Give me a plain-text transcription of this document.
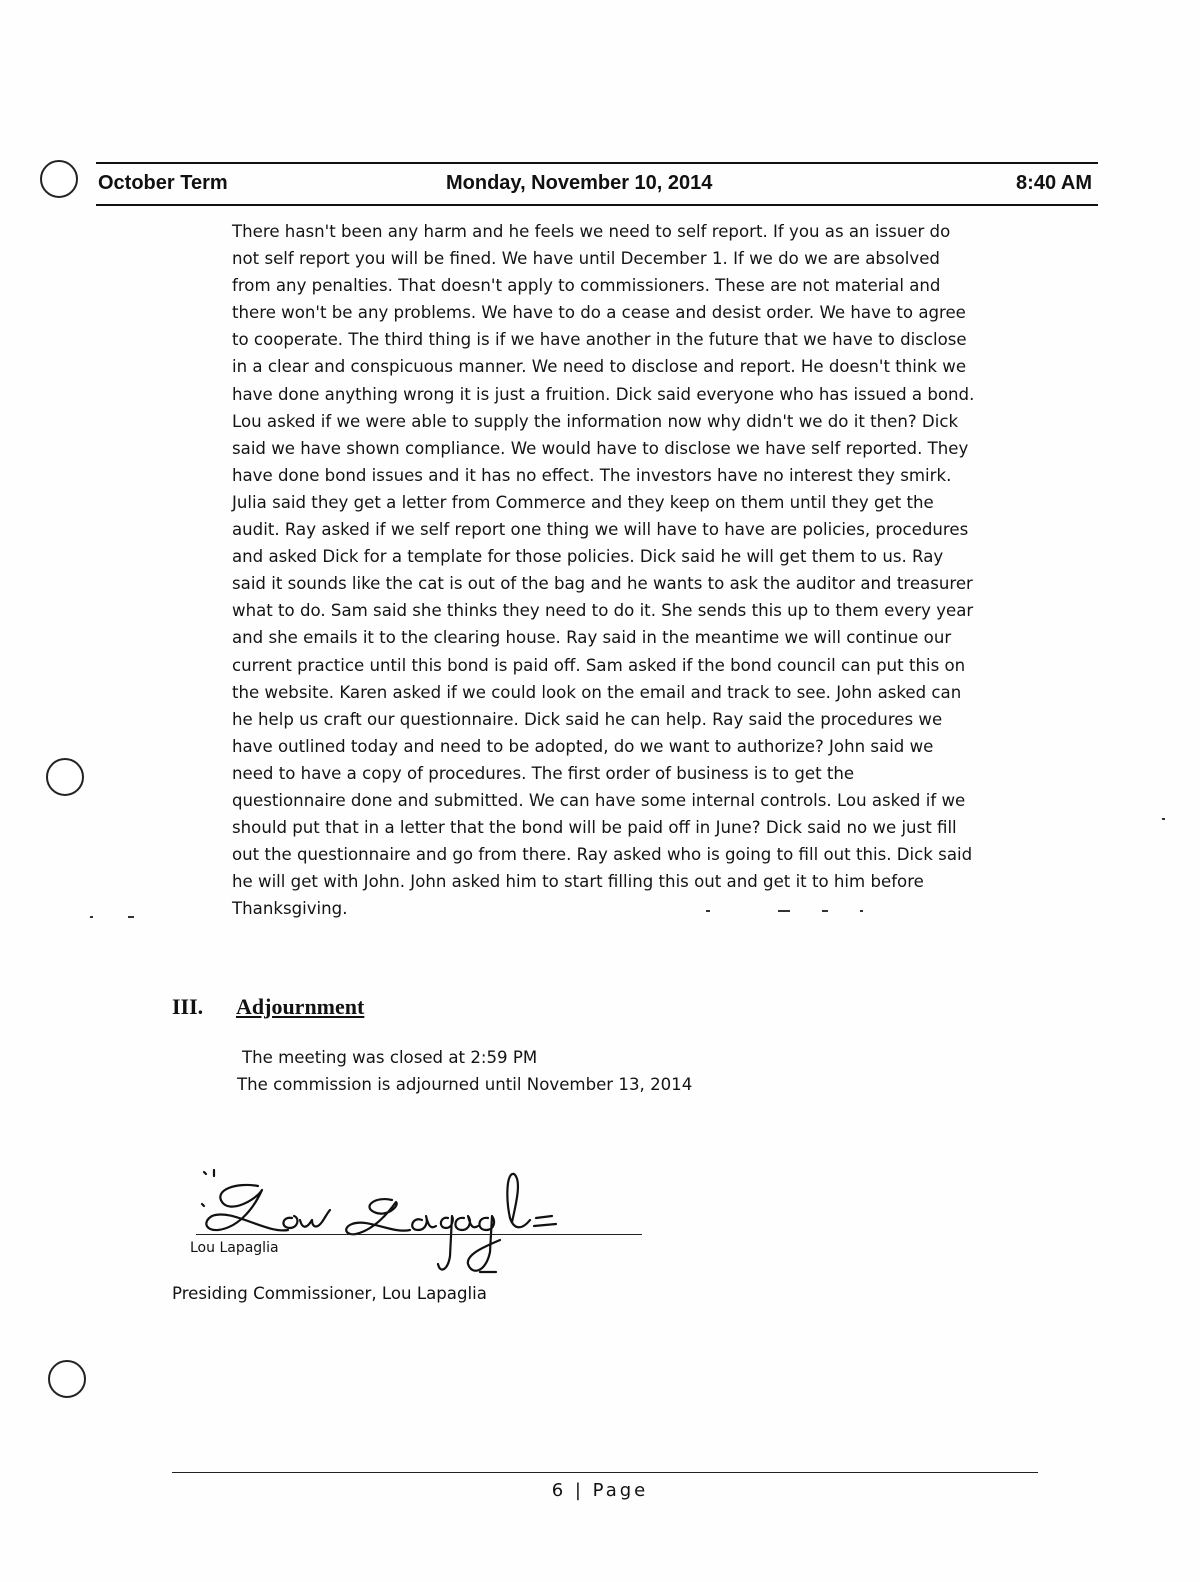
October Term	Monday, November 10, 2014	8:40 AM

There hasn't been any harm and he feels we need to self report. If you as an issuer do

not self report you will be fined. We have until December 1. If we do we are absolved

from any penalties. That doesn't apply to commissioners. These are not material and

there won't be any problems. We have to do a cease and desist order. We have to agree

to cooperate. The third thing is if we have another in the future that we have to disclose

in a clear and conspicuous manner. We need to disclose and report. He doesn't think we

have done anything wrong it is just a fruition. Dick said everyone who has issued a bond.

Lou asked if we were able to supply the information now why didn't we do it then? Dick

said we have shown compliance. We would have to disclose we have self reported. They

have done bond issues and it has no effect. The investors have no interest they smirk.

Julia said they get a letter from Commerce and they keep on them until they get the

audit. Ray asked if we self report one thing we will have to have are policies, procedures

and asked Dick for a template for those policies. Dick said he will get them to us. Ray

said it sounds like the cat is out of the bag and he wants to ask the auditor and treasurer

what to do. Sam said she thinks they need to do it. She sends this up to them every year

and she emails it to the clearing house. Ray said in the meantime we will continue our

current practice until this bond is paid off. Sam asked if the bond council can put this on

the website. Karen asked if we could look on the email and track to see. John asked can

he help us craft our questionnaire. Dick said he can help. Ray said the procedures we

have outlined today and need to be adopted, do we want to authorize? John said we

need to have a copy of procedures. The first order of business is to get the

questionnaire done and submitted. We can have some internal controls. Lou asked if we

should put that in a letter that the bond will be paid off in June? Dick said no we just fill

out the questionnaire and go from there. Ray asked who is going to fill out this. Dick said

he will get with John. John asked him to start filling this out and get it to him before

Thanksgiving.

III. Adjournment
The meeting was closed at 2:59 PM
The commission is adjourned until November 13, 2014
Lou Lapaglia
Presiding Commissioner, Lou Lapaglia
6 | Page
